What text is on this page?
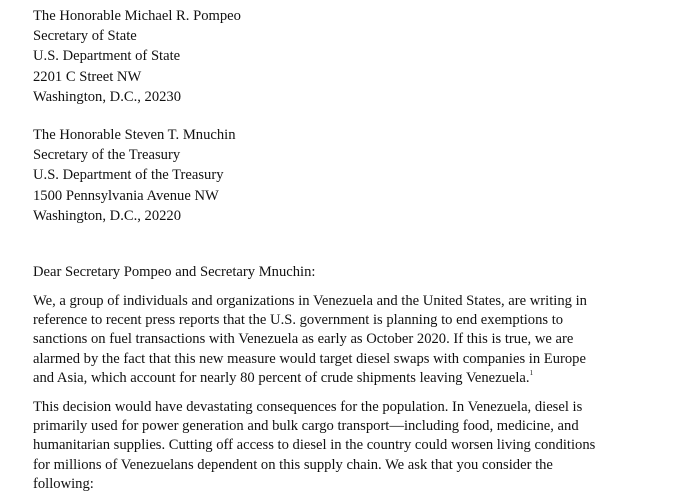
The Honorable Michael R. Pompeo
Secretary of State
U.S. Department of State
2201 C Street NW
Washington, D.C., 20230
The Honorable Steven T. Mnuchin
Secretary of the Treasury
U.S. Department of the Treasury
1500 Pennsylvania Avenue NW
Washington, D.C., 20220
Dear Secretary Pompeo and Secretary Mnuchin:
We, a group of individuals and organizations in Venezuela and the United States, are writing in
reference to recent press reports that the U.S. government is planning to end exemptions to
sanctions on fuel transactions with Venezuela as early as October 2020. If this is true, we are
alarmed by the fact that this new measure would target diesel swaps with companies in Europe
and Asia, which account for nearly 80 percent of crude shipments leaving Venezuela.$^1$
This decision would have devastating consequences for the population. In Venezuela, diesel is
primarily used for power generation and bulk cargo transport—including food, medicine, and
humanitarian supplies. Cutting off access to diesel in the country could worsen living conditions
for millions of Venezuelans dependent on this supply chain. We ask that you consider the
following:
